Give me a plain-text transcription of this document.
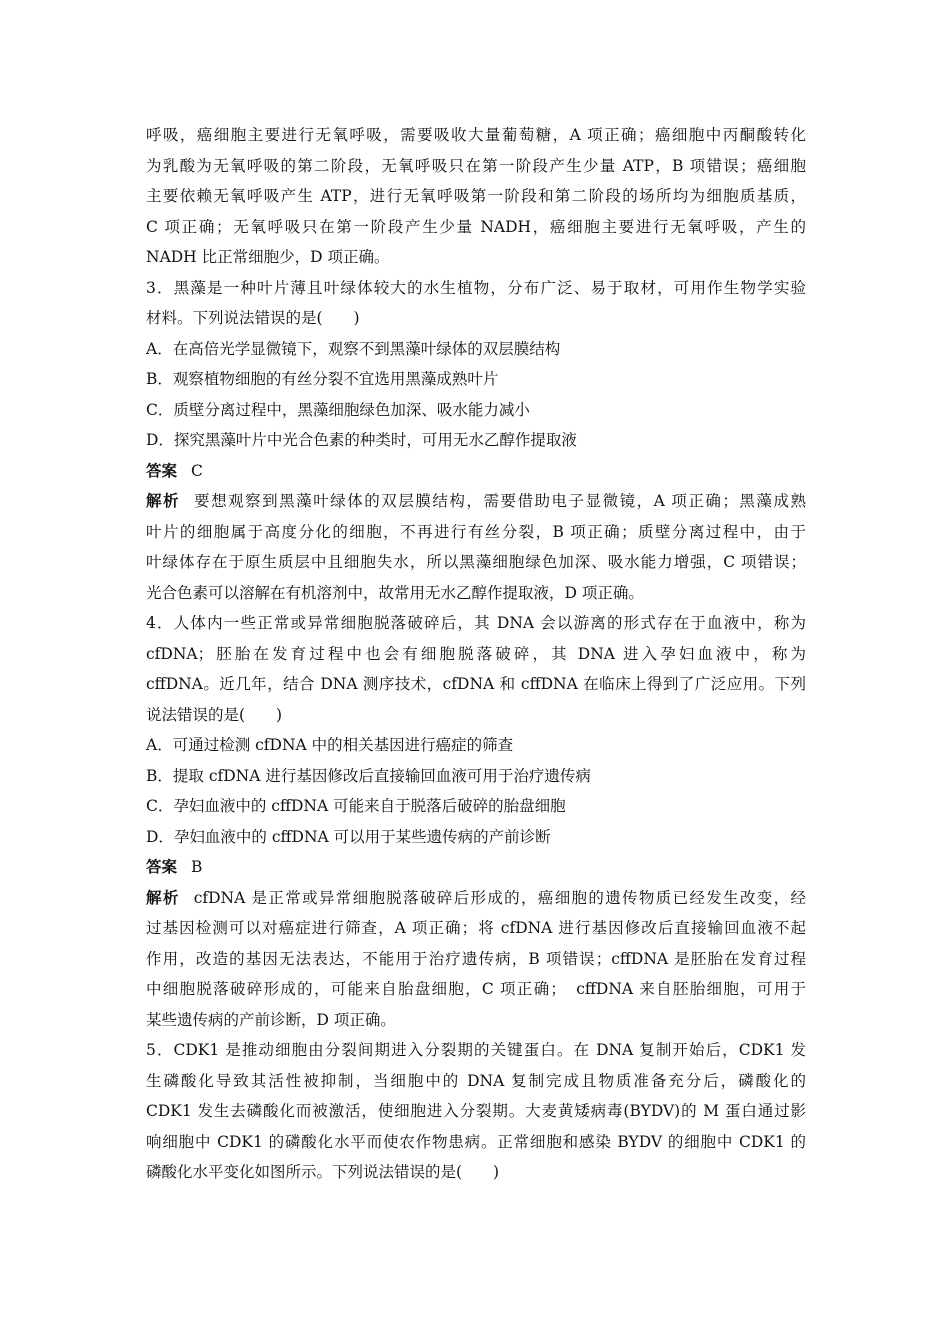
呼吸，癌细胞主要进行无氧呼吸，需要吸收大量葡萄糖，A 项正确；癌细胞中丙酮酸转化
为乳酸为无氧呼吸的第二阶段，无氧呼吸只在第一阶段产生少量 ATP，B 项错误；癌细胞
主要依赖无氧呼吸产生 ATP，进行无氧呼吸第一阶段和第二阶段的场所均为细胞质基质，
C 项正确；无氧呼吸只在第一阶段产生少量 NADH，癌细胞主要进行无氧呼吸，产生的
NADH 比正常细胞少，D 项正确。
3．黑藻是一种叶片薄且叶绿体较大的水生植物，分布广泛、易于取材，可用作生物学实验
材料。下列说法错误的是(　　)
A．在高倍光学显微镜下，观察不到黑藻叶绿体的双层膜结构
B．观察植物细胞的有丝分裂不宜选用黑藻成熟叶片
C．质壁分离过程中，黑藻细胞绿色加深、吸水能力减小
D．探究黑藻叶片中光合色素的种类时，可用无水乙醇作提取液
答案 C
解析 要想观察到黑藻叶绿体的双层膜结构，需要借助电子显微镜，A 项正确；黑藻成熟
叶片的细胞属于高度分化的细胞，不再进行有丝分裂，B 项正确；质壁分离过程中，由于
叶绿体存在于原生质层中且细胞失水，所以黑藻细胞绿色加深、吸水能力增强，C 项错误；
光合色素可以溶解在有机溶剂中，故常用无水乙醇作提取液，D 项正确。
4．人体内一些正常或异常细胞脱落破碎后，其 DNA 会以游离的形式存在于血液中，称为
cfDNA；胚胎在发育过程中也会有细胞脱落破碎，其 DNA 进入孕妇血液中，称为
cffDNA。近几年，结合 DNA 测序技术，cfDNA 和 cffDNA 在临床上得到了广泛应用。下列
说法错误的是(　　)
A．可通过检测 cfDNA 中的相关基因进行癌症的筛查
B．提取 cfDNA 进行基因修改后直接输回血液可用于治疗遗传病
C．孕妇血液中的 cffDNA 可能来自于脱落后破碎的胎盘细胞
D．孕妇血液中的 cffDNA 可以用于某些遗传病的产前诊断
答案 B
解析 cfDNA 是正常或异常细胞脱落破碎后形成的，癌细胞的遗传物质已经发生改变，经
过基因检测可以对癌症进行筛查，A 项正确；将 cfDNA 进行基因修改后直接输回血液不起
作用，改造的基因无法表达，不能用于治疗遗传病，B 项错误；cffDNA 是胚胎在发育过程
中细胞脱落破碎形成的，可能来自胎盘细胞，C 项正确；　cffDNA 来自胚胎细胞，可用于
某些遗传病的产前诊断，D 项正确。
5．CDK1 是推动细胞由分裂间期进入分裂期的关键蛋白。在 DNA 复制开始后，CDK1 发
生磷酸化导致其活性被抑制，当细胞中的 DNA 复制完成且物质准备充分后，磷酸化的
CDK1 发生去磷酸化而被激活，使细胞进入分裂期。大麦黄矮病毒(BYDV)的 M 蛋白通过影
响细胞中 CDK1 的磷酸化水平而使农作物患病。正常细胞和感染 BYDV 的细胞中 CDK1 的
磷酸化水平变化如图所示。下列说法错误的是(　　)
